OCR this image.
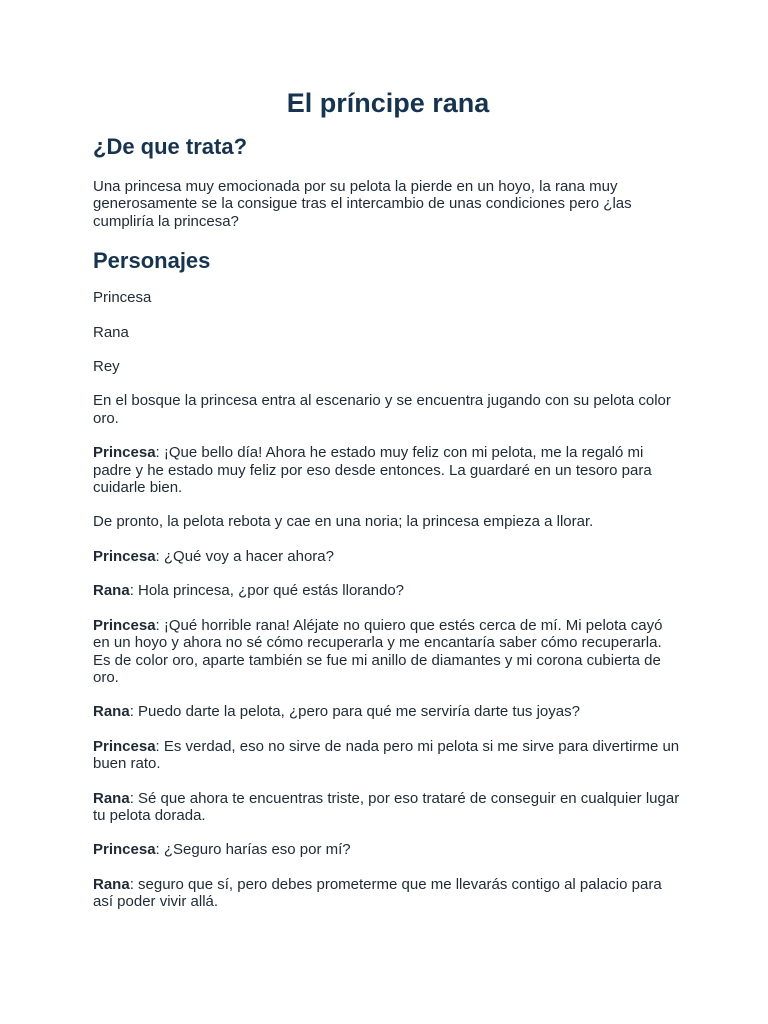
El príncipe rana
¿De que trata?

Una princesa muy emocionada por su pelota la pierde en un hoyo, la rana muy generosamente se la consigue tras el intercambio de unas condiciones pero ¿las cumpliría la princesa?

Personajes

Princesa

Rana

Rey

En el bosque la princesa entra al escenario y se encuentra jugando con su pelota color oro.

Princesa: ¡Que bello día! Ahora he estado muy feliz con mi pelota, me la regaló mi padre y he estado muy feliz por eso desde entonces. La guardaré en un tesoro para cuidarle bien.

De pronto, la pelota rebota y cae en una noria; la princesa empieza a llorar.

Princesa: ¿Qué voy a hacer ahora?

Rana: Hola princesa, ¿por qué estás llorando?

Princesa: ¡Qué horrible rana! Aléjate no quiero que estés cerca de mí. Mi pelota cayó en un hoyo y ahora no sé cómo recuperarla y me encantaría saber cómo recuperarla. Es de color oro, aparte también se fue mi anillo de diamantes y mi corona cubierta de oro.

Rana: Puedo darte la pelota, ¿pero para qué me serviría darte tus joyas?

Princesa: Es verdad, eso no sirve de nada pero mi pelota si me sirve para divertirme un buen rato.

Rana: Sé que ahora te encuentras triste, por eso trataré de conseguir en cualquier lugar tu pelota dorada.

Princesa: ¿Seguro harías eso por mí?

Rana: seguro que sí, pero debes prometerme que me llevarás contigo al palacio para así poder vivir allá.
